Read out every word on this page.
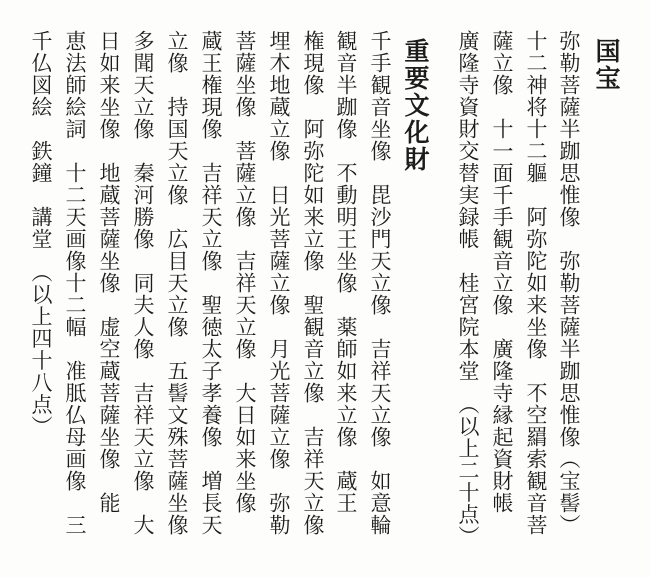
国宝
弥勒菩薩半跏思惟像　弥勒菩薩半跏思惟像（宝髻）
十二神将十二軀　阿弥陀如来坐像　不空羂索観音菩
薩立像　十一面千手観音立像　廣隆寺縁起資財帳
廣隆寺資財交替実録帳　桂宮院本堂　（以上二十点）
重要文化財
千手観音坐像　毘沙門天立像　吉祥天立像　如意輪
観音半跏像　不動明王坐像　薬師如来立像　蔵王
権現像　阿弥陀如来立像　聖観音立像　吉祥天立像
埋木地蔵立像　日光菩薩立像　月光菩薩立像　弥勒
菩薩坐像　菩薩立像　吉祥天立像　大日如来坐像
蔵王権現像　吉祥天立像　聖徳太子孝養像　増長天
立像　持国天立像　広目天立像　五髻文殊菩薩坐像
多聞天立像　秦河勝像　同夫人像　吉祥天立像　大
日如来坐像　地蔵菩薩坐像　虚空蔵菩薩坐像　能
恵法師絵詞　十二天画像十二幅　准胝仏母画像　三
千仏図絵　鉄鐘　講堂　（以上四十八点）
